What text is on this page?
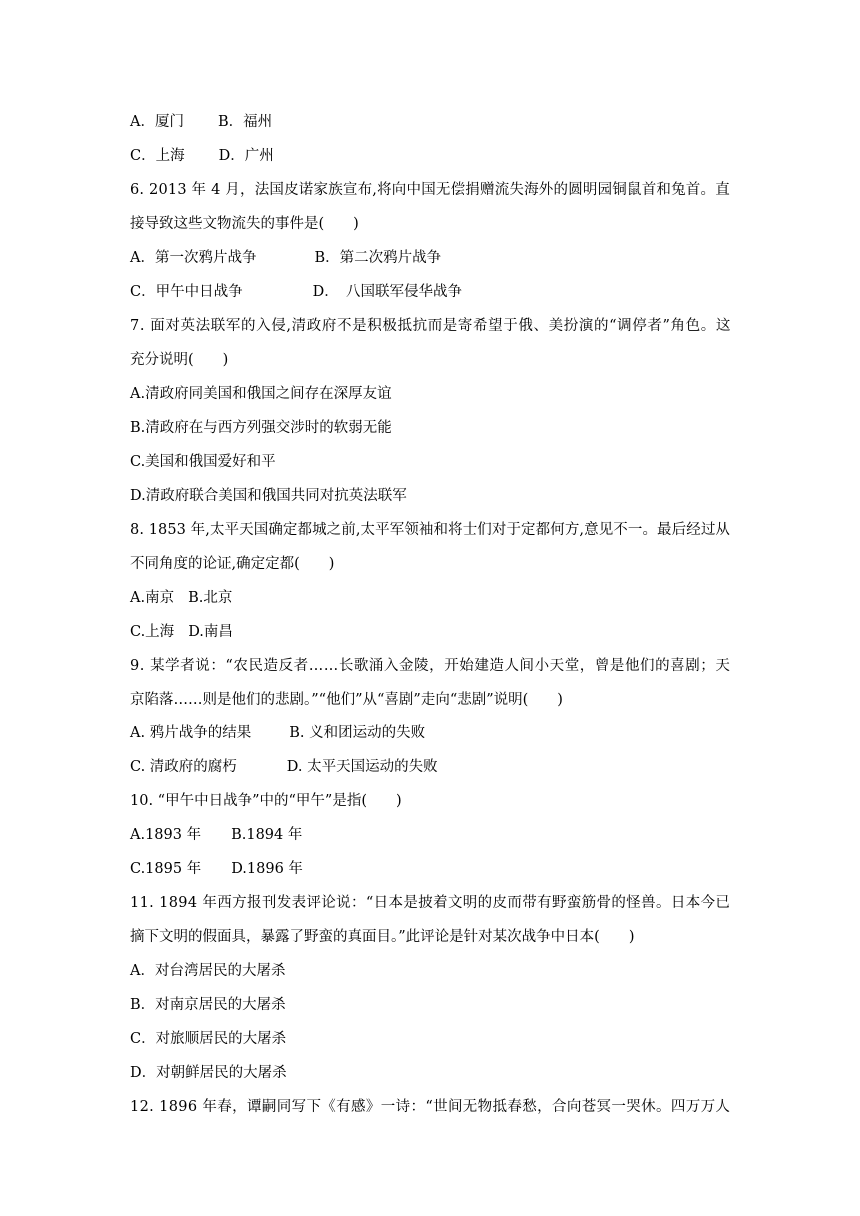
A．厦门 B．福州
C．上海 D．广州
6. 2013 年 4 月，法国皮诺家族宣布,将向中国无偿捐赠流失海外的圆明园铜鼠首和兔首。直
接导致这些文物流失的事件是(　　)
A．第一次鸦片战争	B．第二次鸦片战争
C．甲午中日战争	D．　八国联军侵华战争
7. 面对英法联军的入侵,清政府不是积极抵抗而是寄希望于俄、美扮演的“调停者”角色。这
充分说明(　　)
A.清政府同美国和俄国之间存在深厚友谊
B.清政府在与西方列强交涉时的软弱无能
C.美国和俄国爱好和平
D.清政府联合美国和俄国共同对抗英法联军
8. 1853 年,太平天国确定都城之前,太平军领袖和将士们对于定都何方,意见不一。最后经过从
不同角度的论证,确定定都(　　)
A.南京 B.北京
C.上海 D.南昌
9. 某学者说：“农民造反者……长歌涌入金陵，开始建造人间小天堂，曾是他们的喜剧；天
京陷落……则是他们的悲剧。”“他们”从“喜剧”走向“悲剧”说明(　　)
A. 鸦片战争的结果	B. 义和团运动的失败
C. 清政府的腐朽	D. 太平天国运动的失败
10. “甲午中日战争”中的“甲午”是指(　　)
A.1893 年 B.1894 年
C.1895 年 D.1896 年
11. 1894 年西方报刊发表评论说：“日本是披着文明的皮而带有野蛮筋骨的怪兽。日本今已
摘下文明的假面具，暴露了野蛮的真面目。”此评论是针对某次战争中日本(　　)
A．对台湾居民的大屠杀
B．对南京居民的大屠杀
C．对旅顺居民的大屠杀
D．对朝鲜居民的大屠杀
12. 1896 年春，谭嗣同写下《有感》一诗：“世间无物抵春愁，合向苍冥一哭休。四万万人
